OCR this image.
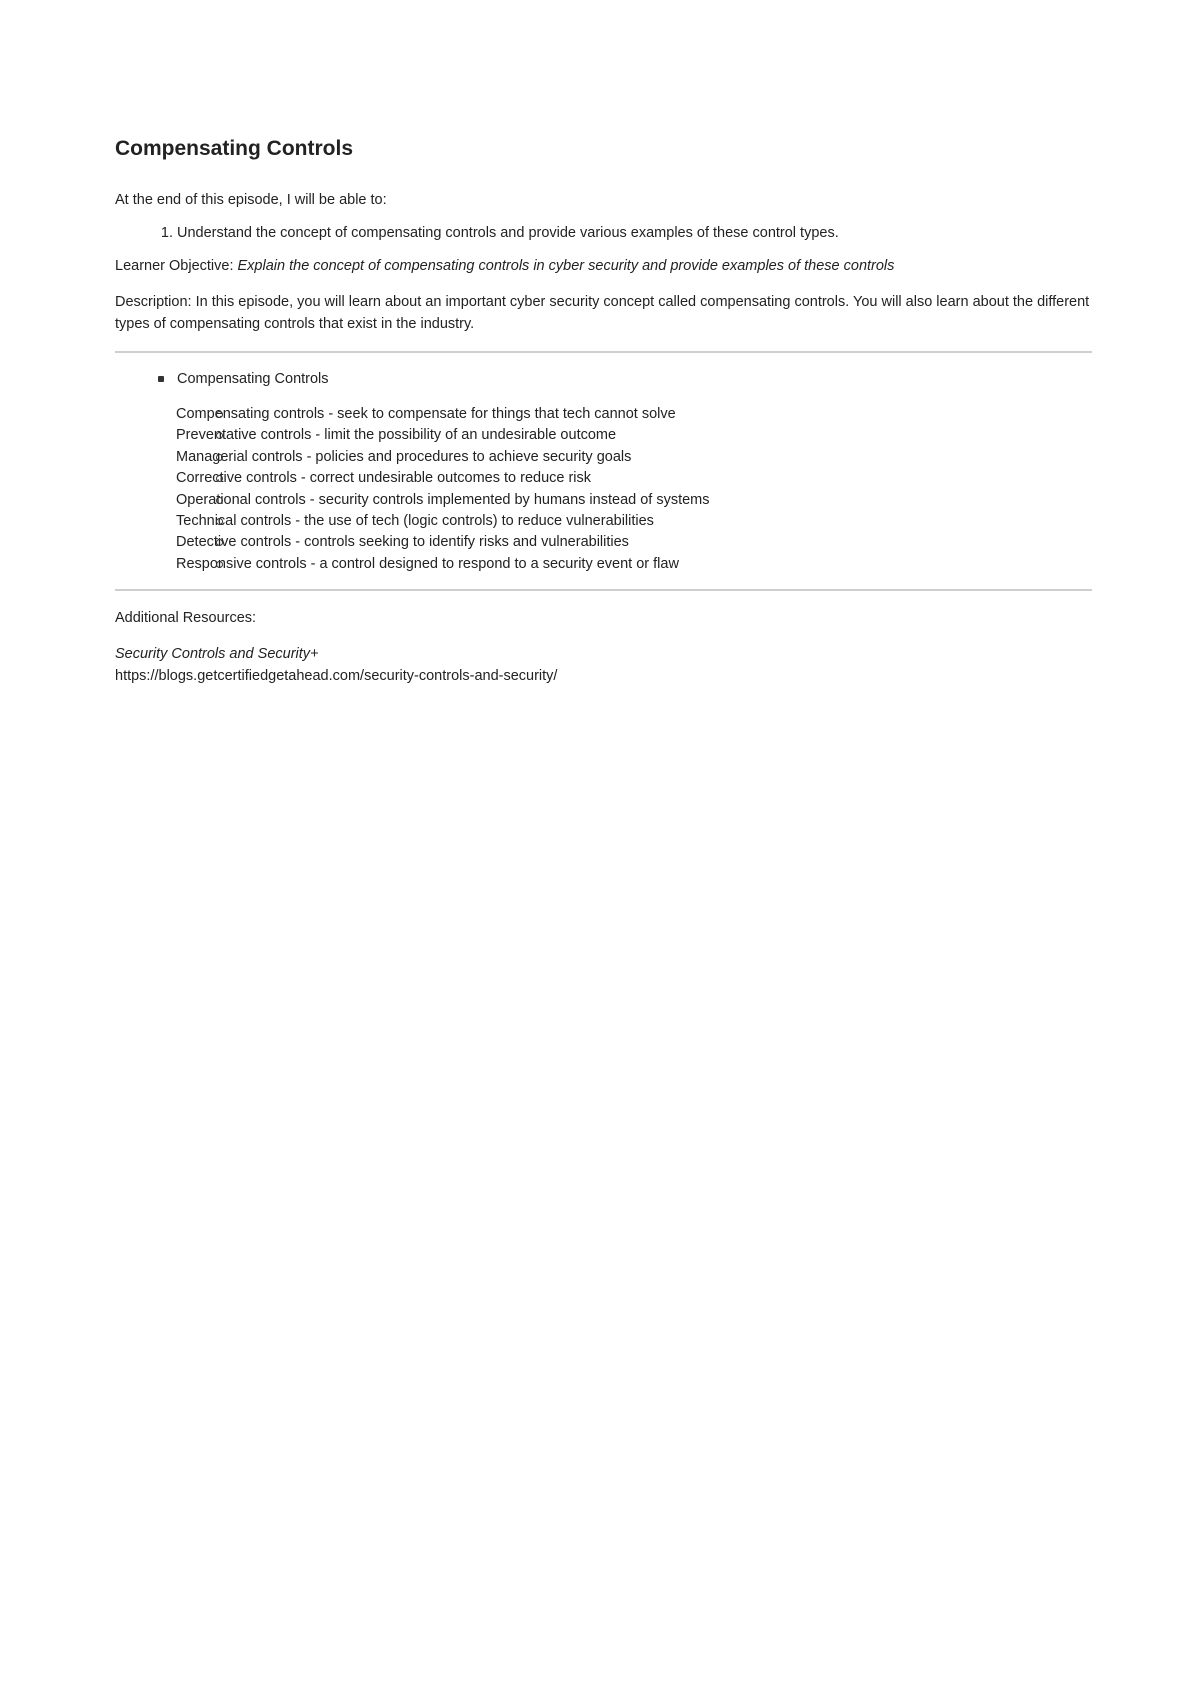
Compensating Controls

At the end of this episode, I will be able to:

1. Understand the concept of compensating controls and provide various examples of these control types.

Learner Objective: Explain the concept of compensating controls in cyber security and provide examples of these controls

Description: In this episode, you will learn about an important cyber security concept called compensating controls. You will also learn about the different types of compensating controls that exist in the industry.

Compensating Controls
Compensating controls - seek to compensate for things that tech cannot solve
Preventative controls - limit the possibility of an undesirable outcome
Managerial controls - policies and procedures to achieve security goals
Corrective controls - correct undesirable outcomes to reduce risk
Operational controls - security controls implemented by humans instead of systems
Technical controls - the use of tech (logic controls) to reduce vulnerabilities
Detective controls - controls seeking to identify risks and vulnerabilities
Responsive controls - a control designed to respond to a security event or flaw

Additional Resources:

Security Controls and Security+

https://blogs.getcertifiedgetahead.com/security-controls-and-security/
